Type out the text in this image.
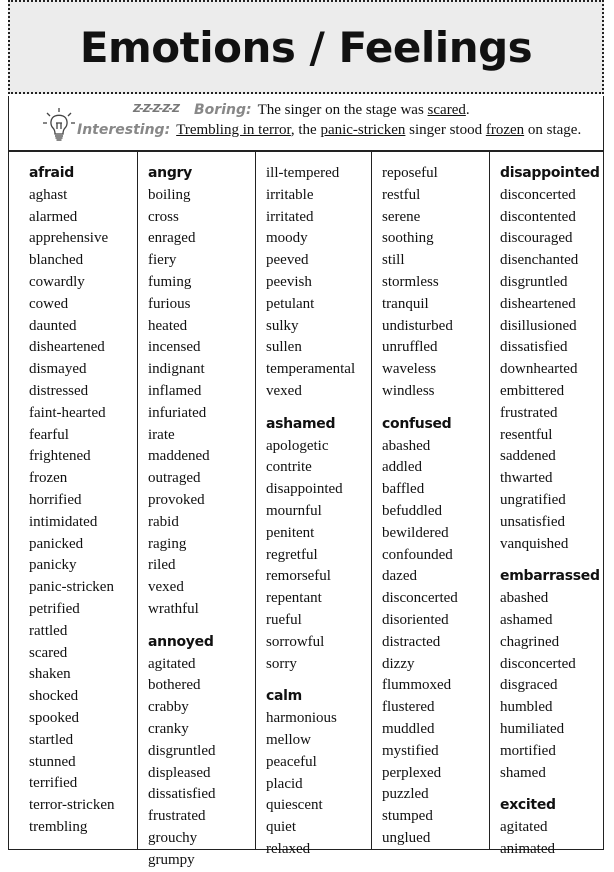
Emotions / Feelings
Z-Z-Z-Z-Z Boring: The singer on the stage was scared.
Interesting: Trembling in terror, the panic-stricken singer stood frozen on stage.
afraid
aghast
alarmed
apprehensive
blanched
cowardly
cowed
daunted
disheartened
dismayed
distressed
faint-hearted
fearful
frightened
frozen
horrified
intimidated
panicked
panicky
panic-stricken
petrified
rattled
scared
shaken
shocked
spooked
startled
stunned
terrified
terror-stricken
trembling
angry
boiling
cross
enraged
fiery
fuming
furious
heated
incensed
indignant
inflamed
infuriated
irate
maddened
outraged
provoked
rabid
raging
riled
vexed
wrathful
annoyed
agitated
bothered
crabby
cranky
disgruntled
displeased
dissatisfied
frustrated
grouchy
grumpy
ill-tempered
irritable
irritated
moody
peeved
peevish
petulant
sulky
sullen
temperamental
vexed
ashamed
apologetic
contrite
disappointed
mournful
penitent
regretful
remorseful
repentant
rueful
sorrowful
sorry
calm
harmonious
mellow
peaceful
placid
quiescent
quiet
relaxed
reposeful
restful
serene
soothing
still
stormless
tranquil
undisturbed
unruffled
waveless
windless
confused
abashed
addled
baffled
befuddled
bewildered
confounded
dazed
disconcerted
disoriented
distracted
dizzy
flummoxed
flustered
muddled
mystified
perplexed
puzzled
stumped
unglued
disappointed
disconcerted
discontented
discouraged
disenchanted
disgruntled
disheartened
disillusioned
dissatisfied
downhearted
embittered
frustrated
resentful
saddened
thwarted
ungratified
unsatisfied
vanquished
embarrassed
abashed
ashamed
chagrined
disconcerted
disgraced
humbled
humiliated
mortified
shamed
excited
agitated
animated
